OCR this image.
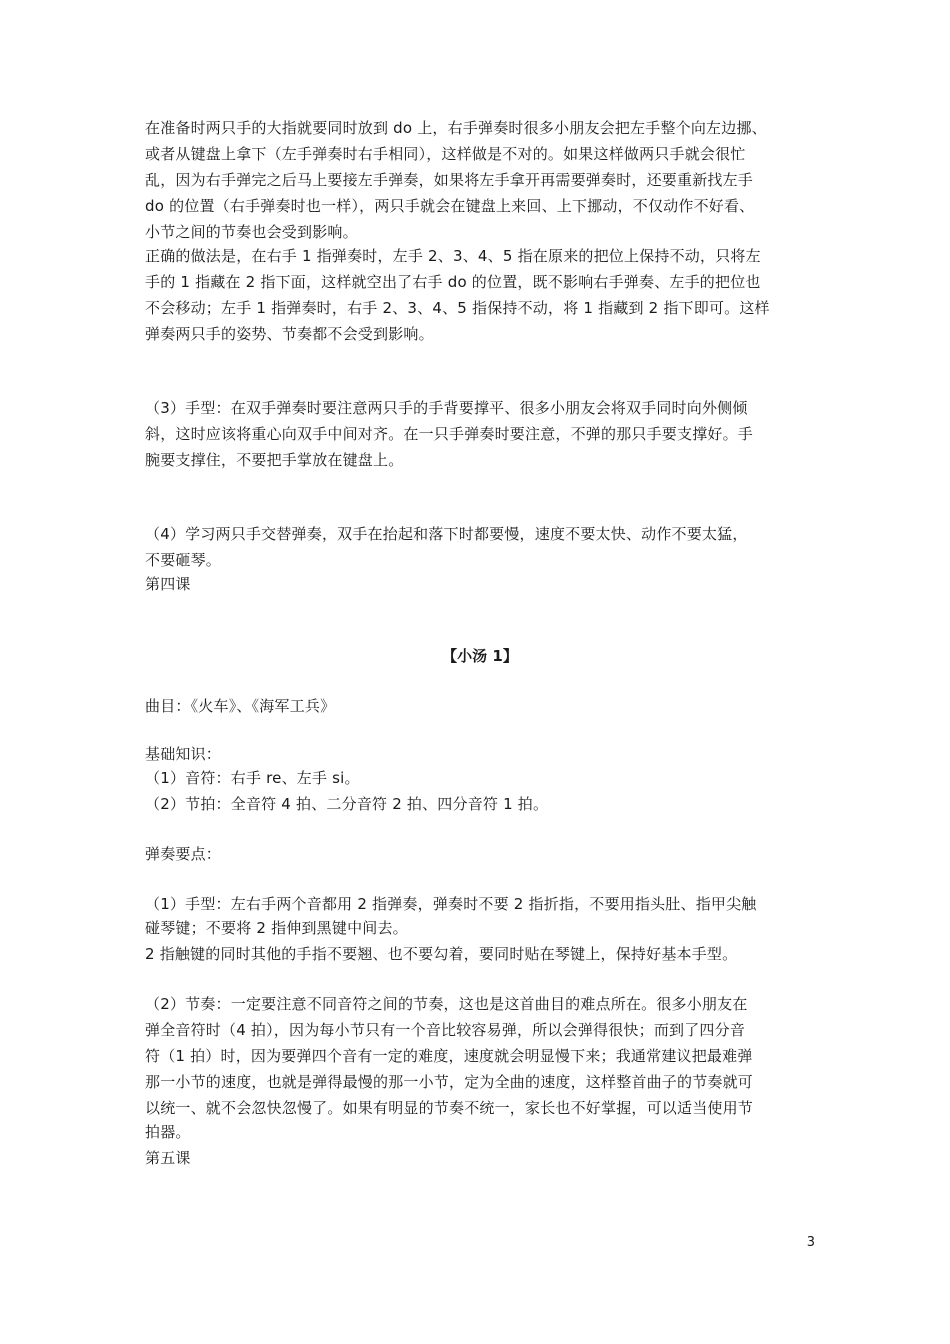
在准备时两只手的大指就要同时放到 do 上，右手弹奏时很多小朋友会把左手整个向左边挪、
或者从键盘上拿下（左手弹奏时右手相同），这样做是不对的。如果这样做两只手就会很忙
乱，因为右手弹完之后马上要接左手弹奏，如果将左手拿开再需要弹奏时，还要重新找左手
do 的位置（右手弹奏时也一样），两只手就会在键盘上来回、上下挪动，不仅动作不好看、
小节之间的节奏也会受到影响。
正确的做法是，在右手 1 指弹奏时，左手 2、3、4、5 指在原来的把位上保持不动，只将左
手的 1 指藏在 2 指下面，这样就空出了右手 do 的位置，既不影响右手弹奏、左手的把位也
不会移动；左手 1 指弹奏时，右手 2、3、4、5 指保持不动，将 1 指藏到 2 指下即可。这样
弹奏两只手的姿势、节奏都不会受到影响。
（3）手型：在双手弹奏时要注意两只手的手背要撑平、很多小朋友会将双手同时向外侧倾
斜，这时应该将重心向双手中间对齐。在一只手弹奏时要注意，不弹的那只手要支撑好。手
腕要支撑住，不要把手掌放在键盘上。
（4）学习两只手交替弹奏，双手在抬起和落下时都要慢，速度不要太快、动作不要太猛，
不要砸琴。
第四课
【小汤 1】
曲目：《火车》、《海军工兵》
基础知识：
（1）音符：右手 re、左手 si。
（2）节拍：全音符 4 拍、二分音符 2 拍、四分音符 1 拍。
弹奏要点：
（1）手型：左右手两个音都用 2 指弹奏，弹奏时不要 2 指折指，不要用指头肚、指甲尖触
碰琴键；不要将 2 指伸到黑键中间去。
2 指触键的同时其他的手指不要翘、也不要勾着，要同时贴在琴键上，保持好基本手型。
（2）节奏：一定要注意不同音符之间的节奏，这也是这首曲目的难点所在。很多小朋友在
弹全音符时（4 拍），因为每小节只有一个音比较容易弹，所以会弹得很快；而到了四分音
符（1 拍）时，因为要弹四个音有一定的难度，速度就会明显慢下来；我通常建议把最难弹
那一小节的速度，也就是弹得最慢的那一小节，定为全曲的速度，这样整首曲子的节奏就可
以统一、就不会忽快忽慢了。如果有明显的节奏不统一，家长也不好掌握，可以适当使用节
拍器。
第五课
3
